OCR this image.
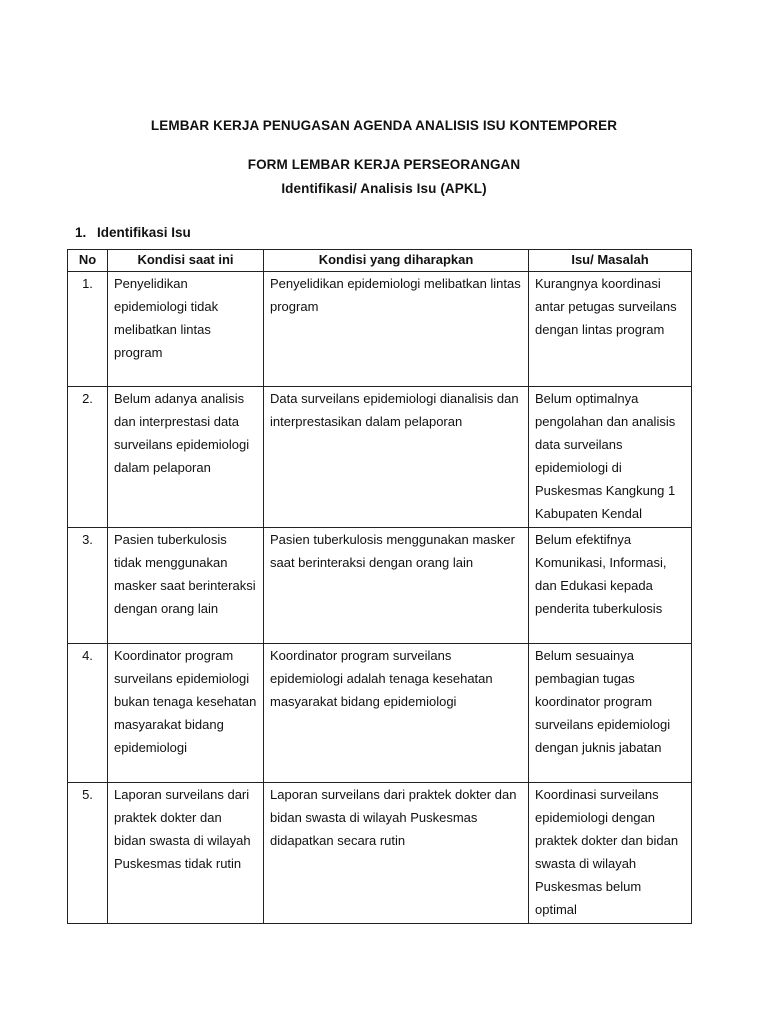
LEMBAR KERJA PENUGASAN AGENDA ANALISIS ISU KONTEMPORER
FORM LEMBAR KERJA PERSEORANGAN
Identifikasi/ Analisis Isu (APKL)
1. Identifikasi Isu
No	Kondisi saat ini	Kondisi yang diharapkan	Isu/ Masalah
1.	Penyelidikan epidemiologi tidak melibatkan lintas program	Penyelidikan epidemiologi melibatkan lintas program	Kurangnya koordinasi antar petugas surveilans dengan lintas program
2.	Belum adanya analisis dan interprestasi data surveilans epidemiologi dalam pelaporan	Data surveilans epidemiologi dianalisis dan interprestasikan dalam pelaporan	Belum optimalnya pengolahan dan analisis data surveilans epidemiologi di Puskesmas Kangkung 1 Kabupaten Kendal
3.	Pasien tuberkulosis tidak menggunakan masker saat berinteraksi dengan orang lain	Pasien tuberkulosis menggunakan masker saat berinteraksi dengan orang lain	Belum efektifnya Komunikasi, Informasi, dan Edukasi kepada penderita tuberkulosis
4.	Koordinator program surveilans epidemiologi bukan tenaga kesehatan masyarakat bidang epidemiologi	Koordinator program surveilans epidemiologi adalah tenaga kesehatan masyarakat bidang epidemiologi	Belum sesuainya pembagian tugas koordinator program surveilans epidemiologi dengan juknis jabatan
5.	Laporan surveilans dari praktek dokter dan bidan swasta di wilayah Puskesmas tidak rutin	Laporan surveilans dari praktek dokter dan bidan swasta di wilayah Puskesmas didapatkan secara rutin	Koordinasi surveilans epidemiologi dengan praktek dokter dan bidan swasta di wilayah Puskesmas belum optimal
